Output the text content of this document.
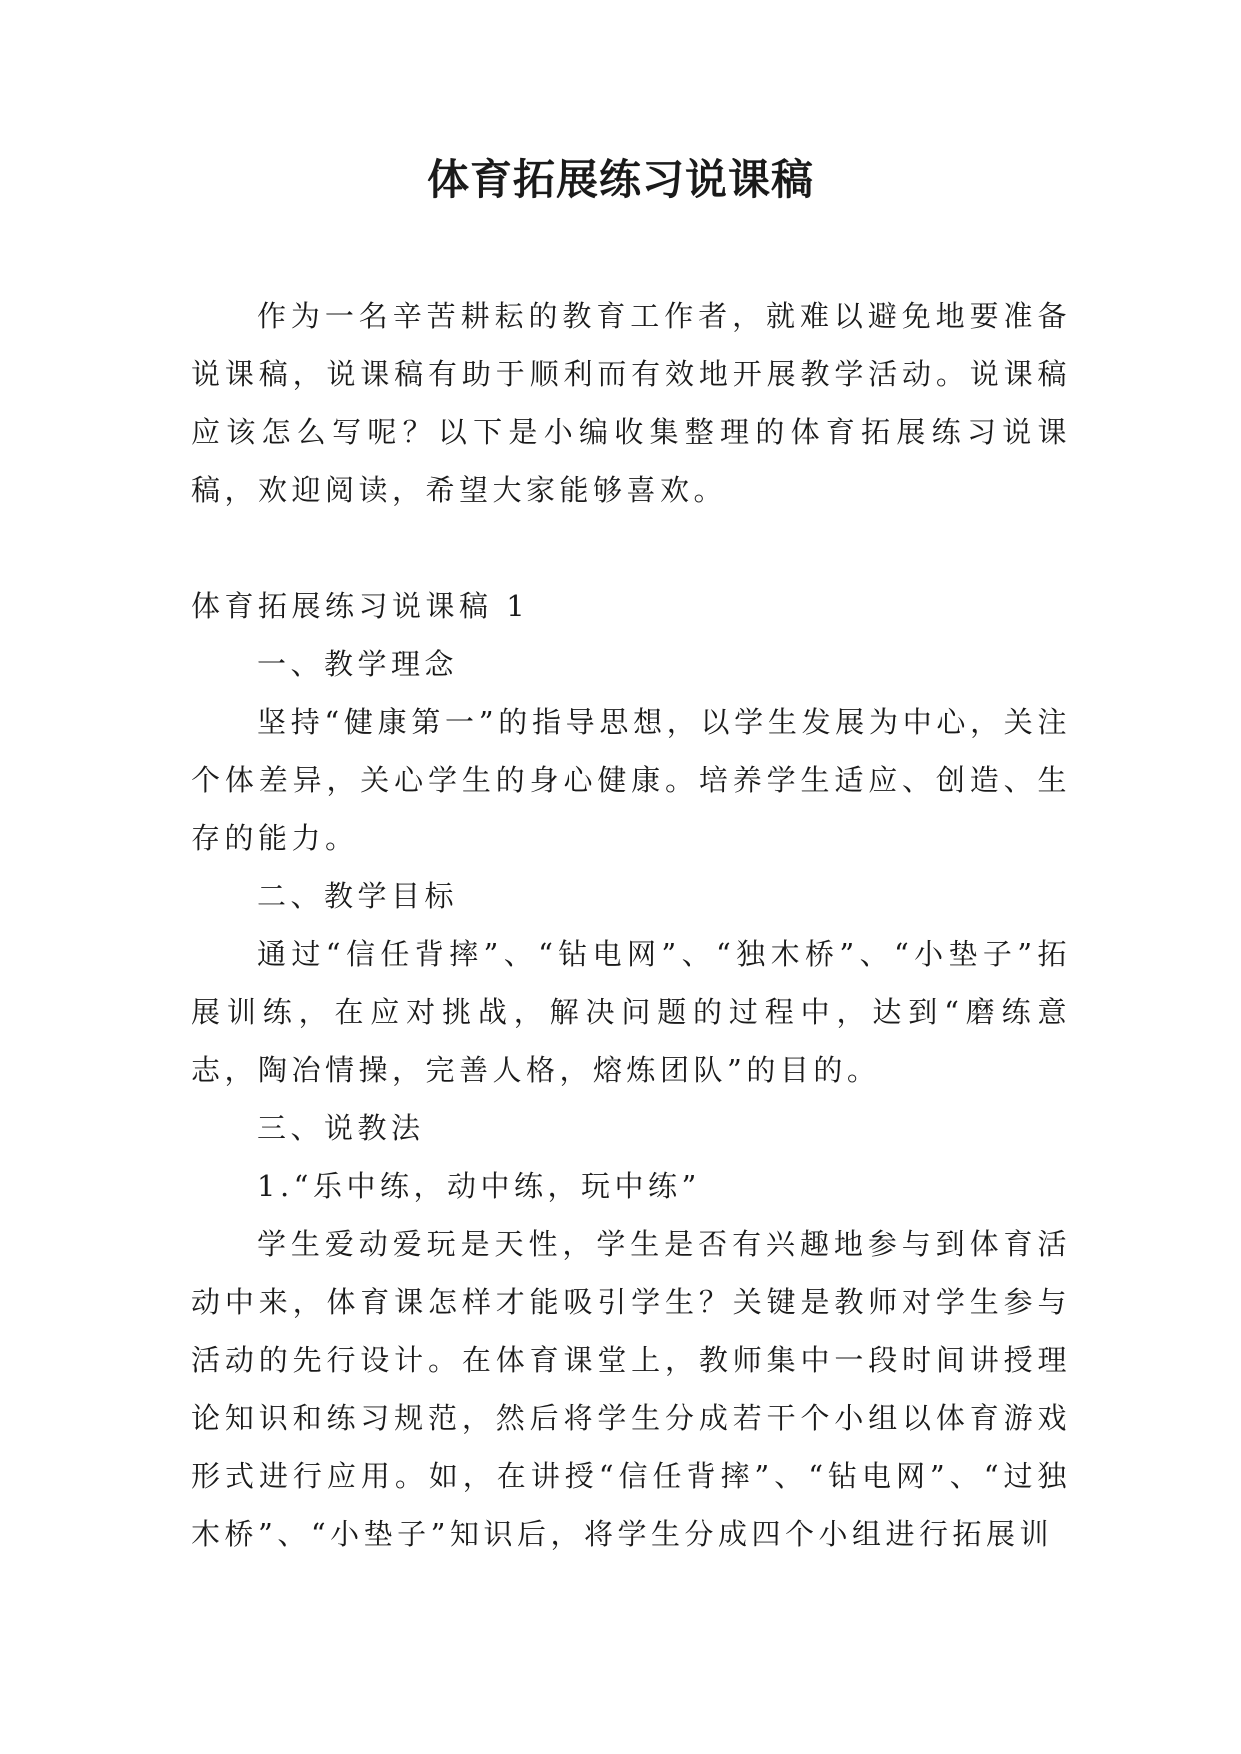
体育拓展练习说课稿

作为一名辛苦耕耘的教育工作者，就难以避免地要准备说课稿，说课稿有助于顺利而有效地开展教学活动。说课稿应该怎么写呢？以下是小编收集整理的体育拓展练习说课稿，欢迎阅读，希望大家能够喜欢。

体育拓展练习说课稿 1

一、教学理念

坚持“健康第一”的指导思想，以学生发展为中心，关注个体差异，关心学生的身心健康。培养学生适应、创造、生存的能力。

二、教学目标

通过“信任背摔”、“钻电网”、“独木桥”、“小垫子”拓展训练，在应对挑战，解决问题的过程中，达到“磨练意志，陶冶情操，完善人格，熔炼团队”的目的。

三、说教法

1.“乐中练，动中练，玩中练”

学生爱动爱玩是天性，学生是否有兴趣地参与到体育活动中来，体育课怎样才能吸引学生？关键是教师对学生参与活动的先行设计。在体育课堂上，教师集中一段时间讲授理论知识和练习规范，然后将学生分成若干个小组以体育游戏形式进行应用。如，在讲授“信任背摔”、“钻电网”、“过独木桥”、“小垫子”知识后，将学生分成四个小组进行拓展训
